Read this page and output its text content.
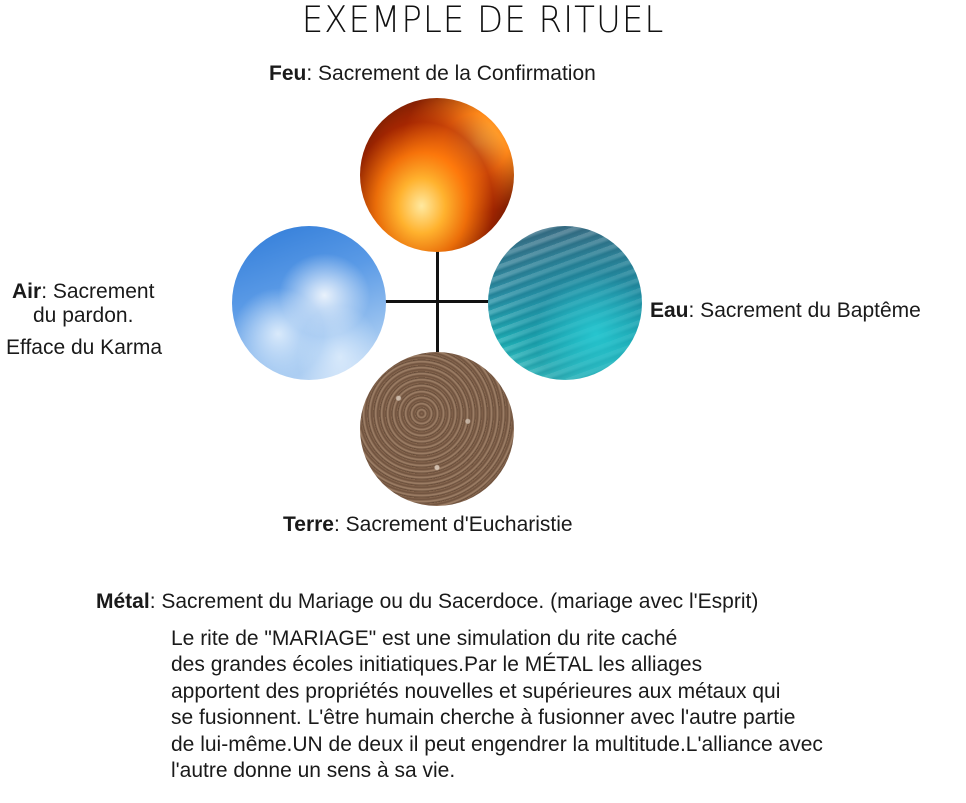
EXEMPLE DE RITUEL
Feu: Sacrement de la Confirmation
Air: Sacrement
du pardon.
Efface du Karma
Eau: Sacrement du Baptême
Terre: Sacrement d'Eucharistie
Métal: Sacrement du Mariage ou du Sacerdoce. (mariage avec l'Esprit)
Le rite de "MARIAGE" est une simulation du rite caché
des grandes écoles initiatiques.Par le MÉTAL les alliages
apportent des propriétés nouvelles et supérieures aux métaux qui
se fusionnent. L'être humain cherche à fusionner avec l'autre partie
de lui-même.UN de deux il peut engendrer la multitude.L'alliance avec
l'autre donne un sens à sa vie.
